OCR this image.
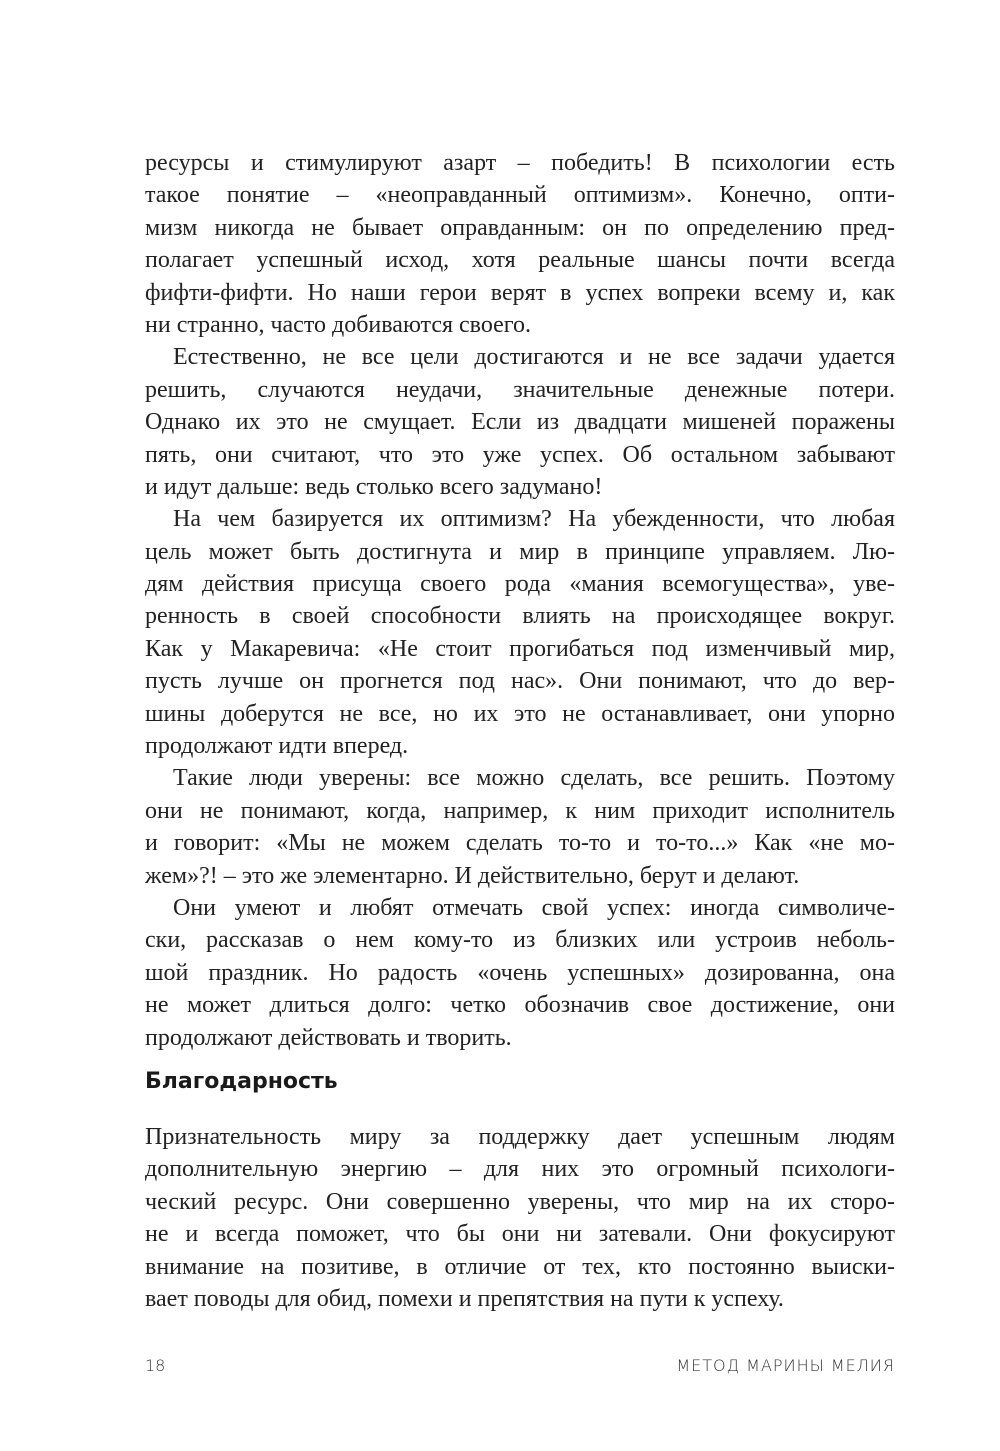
ресурсы и стимулируют азарт – победить! В психологии есть
такое понятие – «неоправданный оптимизм». Конечно, опти-
мизм никогда не бывает оправданным: он по определению пред-
полагает успешный исход, хотя реальные шансы почти всегда
фифти-фифти. Но наши герои верят в успех вопреки всему и, как
ни странно, часто добиваются своего.
Естественно, не все цели достигаются и не все задачи удается
решить, случаются неудачи, значительные денежные потери.
Однако их это не смущает. Если из двадцати мишеней поражены
пять, они считают, что это уже успех. Об остальном забывают
и идут дальше: ведь столько всего задумано!
На чем базируется их оптимизм? На убежденности, что любая
цель может быть достигнута и мир в принципе управляем. Лю-
дям действия присуща своего рода «мания всемогущества», уве-
ренность в своей способности влиять на происходящее вокруг.
Как у Макаревича: «Не стоит прогибаться под изменчивый мир,
пусть лучше он прогнется под нас». Они понимают, что до вер-
шины доберутся не все, но их это не останавливает, они упорно
продолжают идти вперед.
Такие люди уверены: все можно сделать, все решить. Поэтому
они не понимают, когда, например, к ним приходит исполнитель
и говорит: «Мы не можем сделать то-то и то-то...» Как «не мо-
жем»?! – это же элементарно. И действительно, берут и делают.
Они умеют и любят отмечать свой успех: иногда символиче-
ски, рассказав о нем кому-то из близких или устроив неболь-
шой праздник. Но радость «очень успешных» дозированна, она
не может длиться долго: четко обозначив свое достижение, они
продолжают действовать и творить.
Благодарность
Признательность миру за поддержку дает успешным людям
дополнительную энергию – для них это огромный психологи-
ческий ресурс. Они совершенно уверены, что мир на их сторо-
не и всегда поможет, что бы они ни затевали. Они фокусируют
внимание на позитиве, в отличие от тех, кто постоянно выиски-
вает поводы для обид, помехи и препятствия на пути к успеху.
18	МЕТОД МАРИНЫ МЕЛИЯ
